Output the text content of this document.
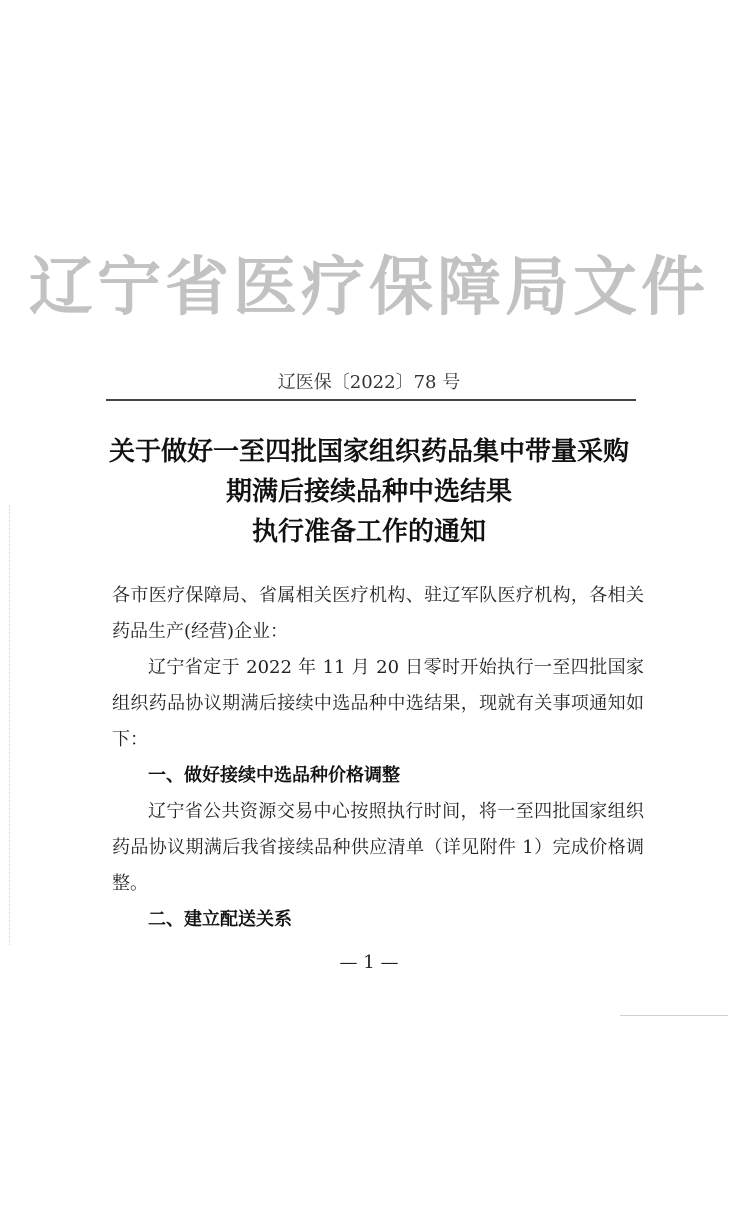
辽宁省医疗保障局文件
辽医保〔2022〕78 号
关于做好一至四批国家组织药品集中带量采购
期满后接续品种中选结果
执行准备工作的通知

各市医疗保障局、省属相关医疗机构、驻辽军队医疗机构，各相关药品生产(经营)企业：

辽宁省定于 2022 年 11 月 20 日零时开始执行一至四批国家组织药品协议期满后接续中选品种中选结果，现就有关事项通知如下：

一、做好接续中选品种价格调整

辽宁省公共资源交易中心按照执行时间，将一至四批国家组织药品协议期满后我省接续品种供应清单（详见附件 1）完成价格调整。

二、建立配送关系

— 1 —
